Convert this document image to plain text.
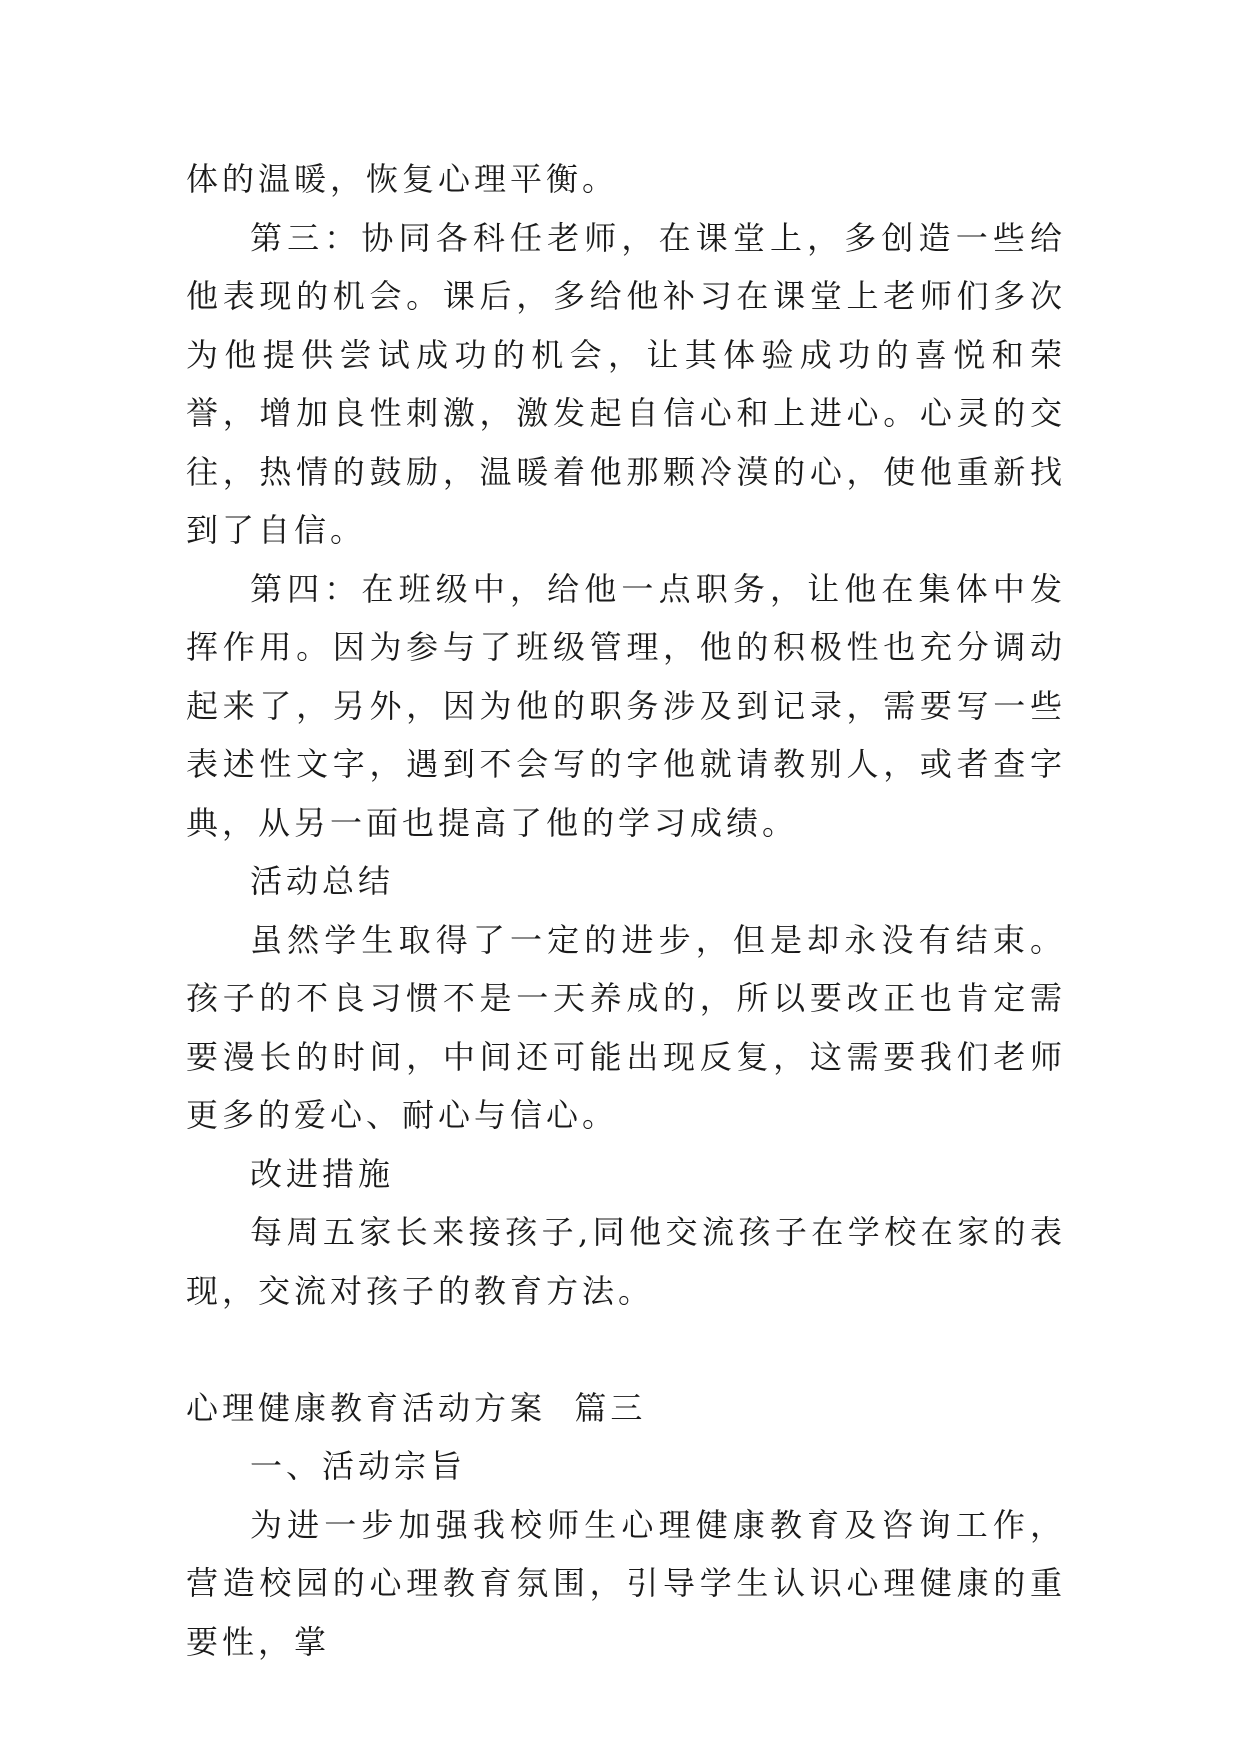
体的温暖，恢复心理平衡。

第三：协同各科任老师，在课堂上，多创造一些给他表现的机会。课后，多给他补习在课堂上老师们多次为他提供尝试成功的机会，让其体验成功的喜悦和荣誉，增加良性刺激，激发起自信心和上进心。心灵的交往，热情的鼓励，温暖着他那颗冷漠的心，使他重新找到了自信。

第四：在班级中，给他一点职务，让他在集体中发挥作用。因为参与了班级管理，他的积极性也充分调动起来了，另外，因为他的职务涉及到记录，需要写一些表述性文字，遇到不会写的字他就请教别人，或者查字典，从另一面也提高了他的学习成绩。

活动总结

虽然学生取得了一定的进步，但是却永没有结束。孩子的不良习惯不是一天养成的，所以要改正也肯定需要漫长的时间，中间还可能出现反复，这需要我们老师更多的爱心、耐心与信心。

改进措施

每周五家长来接孩子,同他交流孩子在学校在家的表现，交流对孩子的教育方法。

心理健康教育活动方案  篇三

一、活动宗旨

为进一步加强我校师生心理健康教育及咨询工作，营造校园的心理教育氛围，引导学生认识心理健康的重要性，掌
